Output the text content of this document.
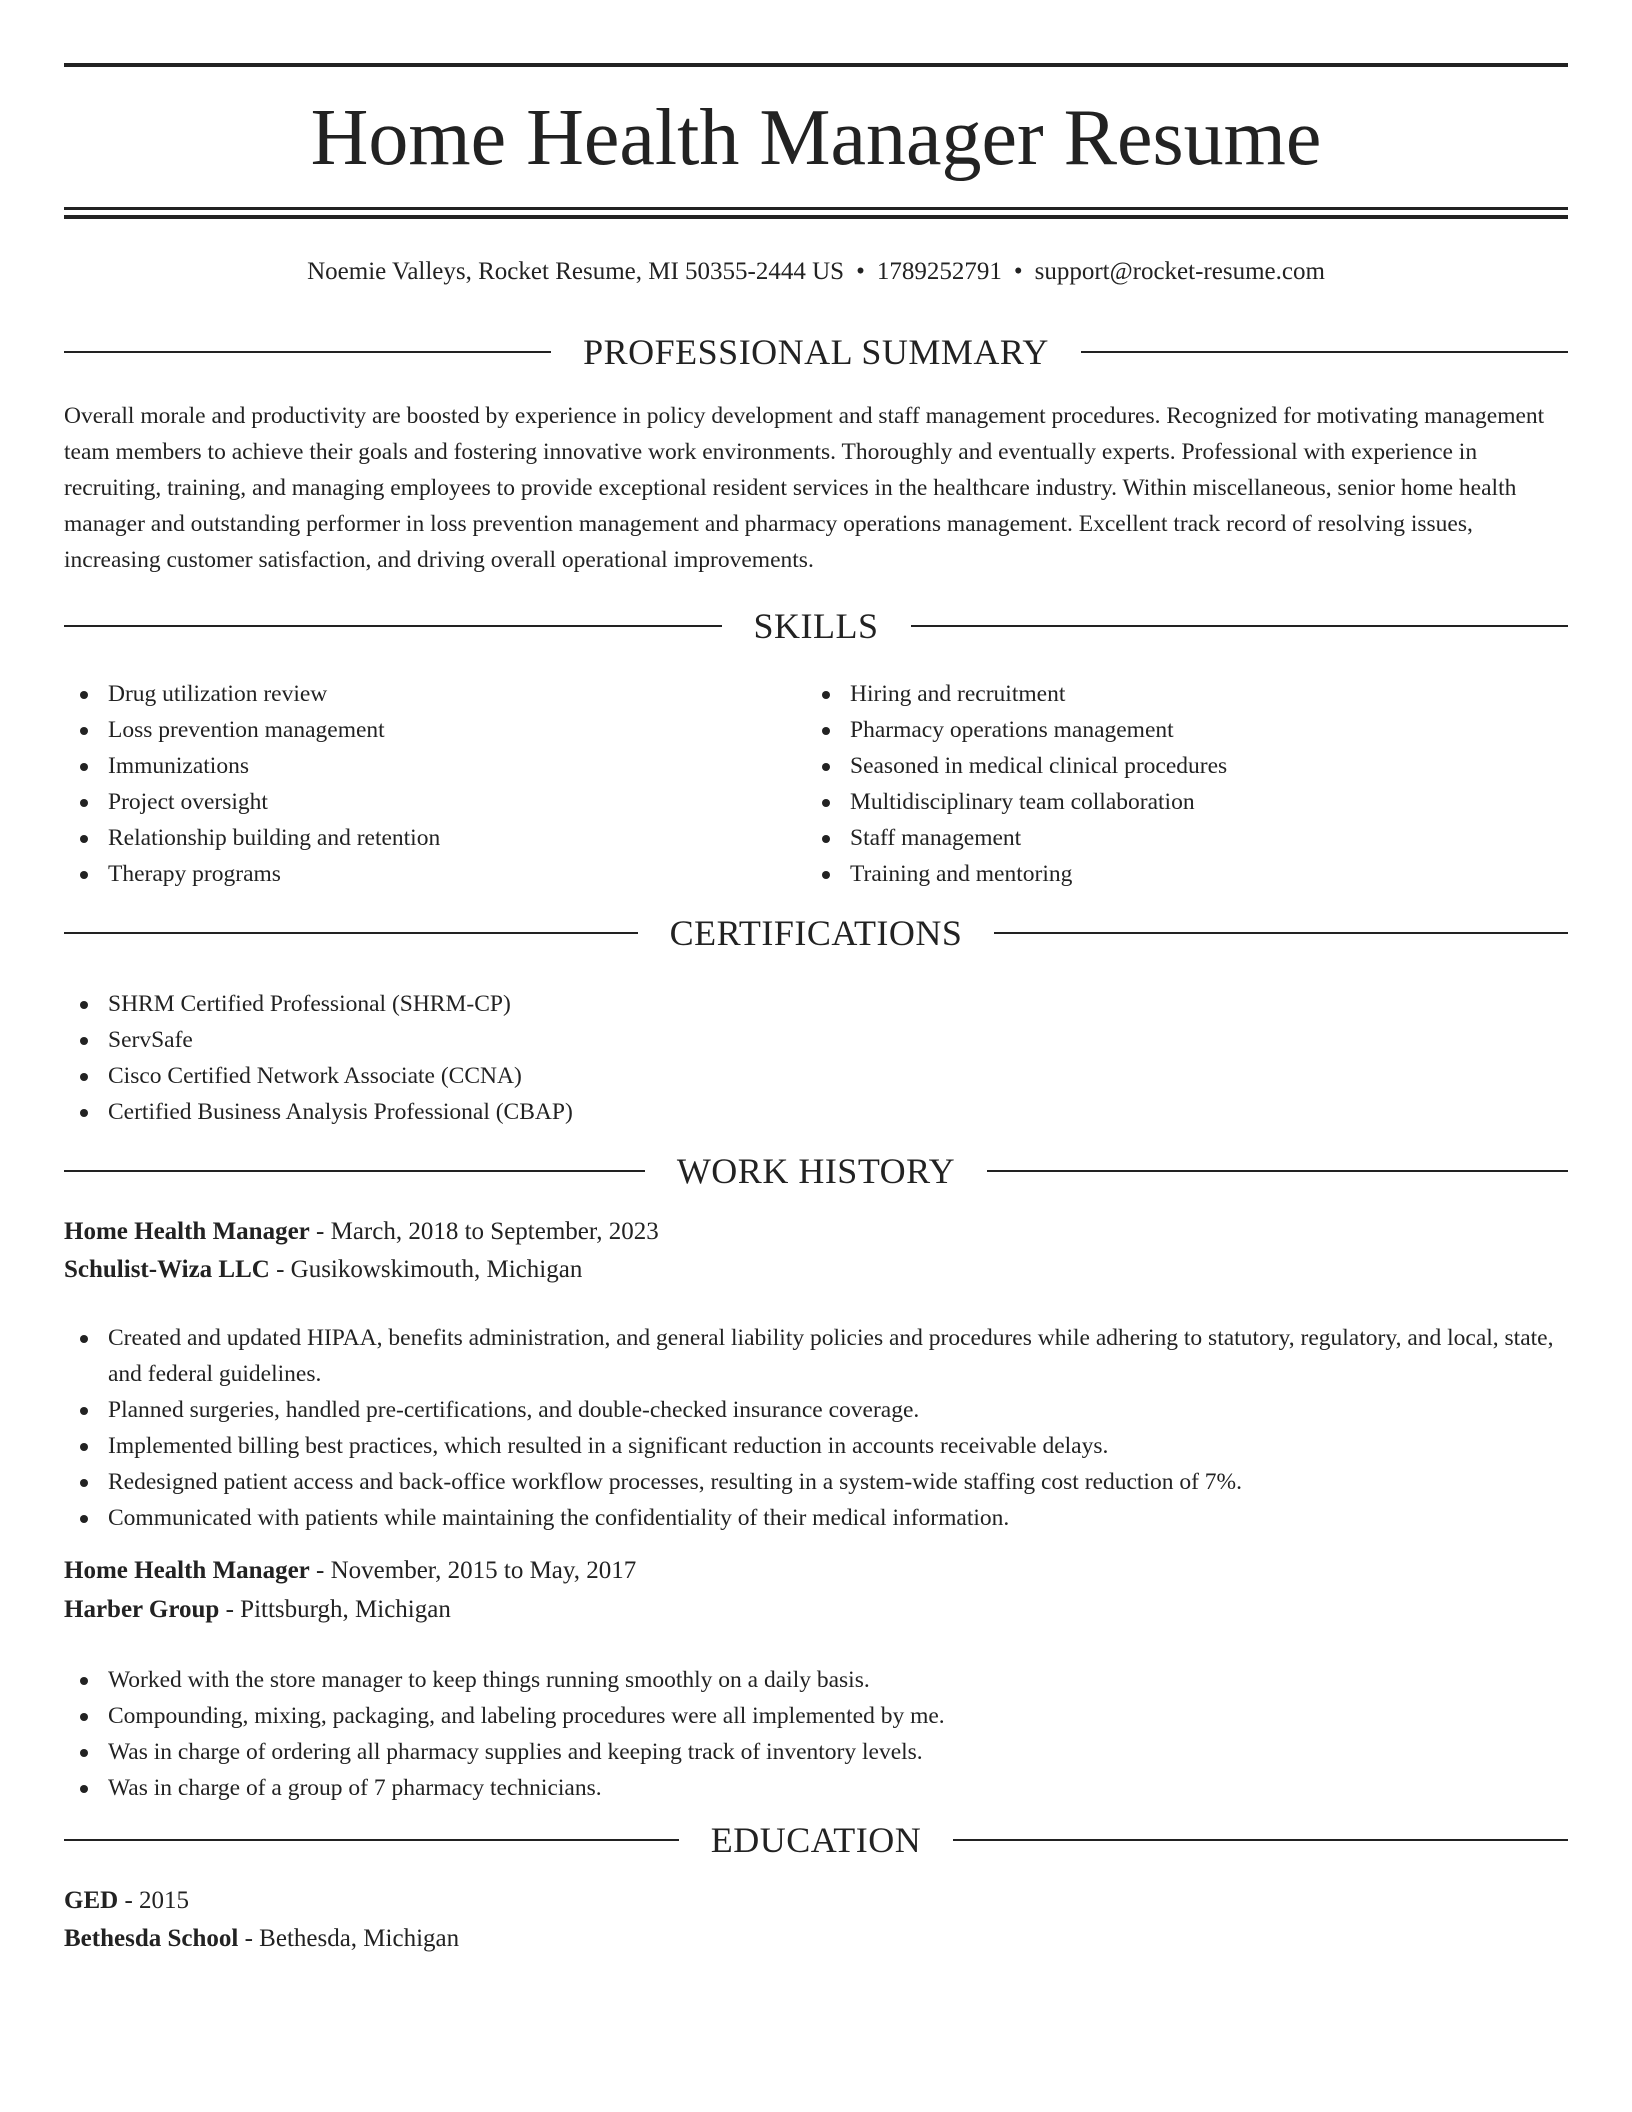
Home Health Manager Resume
Noemie Valleys, Rocket Resume, MI 50355-2444 US • 1789252791 • support@rocket-resume.com
PROFESSIONAL SUMMARY

Overall morale and productivity are boosted by experience in policy development and staff management procedures. Recognized for motivating management team members to achieve their goals and fostering innovative work environments. Thoroughly and eventually experts. Professional with experience in recruiting, training, and managing employees to provide exceptional resident services in the healthcare industry. Within miscellaneous, senior home health manager and outstanding performer in loss prevention management and pharmacy operations management. Excellent track record of resolving issues, increasing customer satisfaction, and driving overall operational improvements.

SKILLS
Drug utilization review
Loss prevention management
Immunizations
Project oversight
Relationship building and retention
Therapy programs
Hiring and recruitment
Pharmacy operations management
Seasoned in medical clinical procedures
Multidisciplinary team collaboration
Staff management
Training and mentoring
CERTIFICATIONS
SHRM Certified Professional (SHRM-CP)
ServSafe
Cisco Certified Network Associate (CCNA)
Certified Business Analysis Professional (CBAP)
WORK HISTORY
Home Health Manager - March, 2018 to September, 2023
Schulist-Wiza LLC - Gusikowskimouth, Michigan
Created and updated HIPAA, benefits administration, and general liability policies and procedures while adhering to statutory, regulatory, and local, state, and federal guidelines.
Planned surgeries, handled pre-certifications, and double-checked insurance coverage.
Implemented billing best practices, which resulted in a significant reduction in accounts receivable delays.
Redesigned patient access and back-office workflow processes, resulting in a system-wide staffing cost reduction of 7%.
Communicated with patients while maintaining the confidentiality of their medical information.
Home Health Manager - November, 2015 to May, 2017
Harber Group - Pittsburgh, Michigan
Worked with the store manager to keep things running smoothly on a daily basis.
Compounding, mixing, packaging, and labeling procedures were all implemented by me.
Was in charge of ordering all pharmacy supplies and keeping track of inventory levels.
Was in charge of a group of 7 pharmacy technicians.
EDUCATION
GED - 2015
Bethesda School - Bethesda, Michigan
